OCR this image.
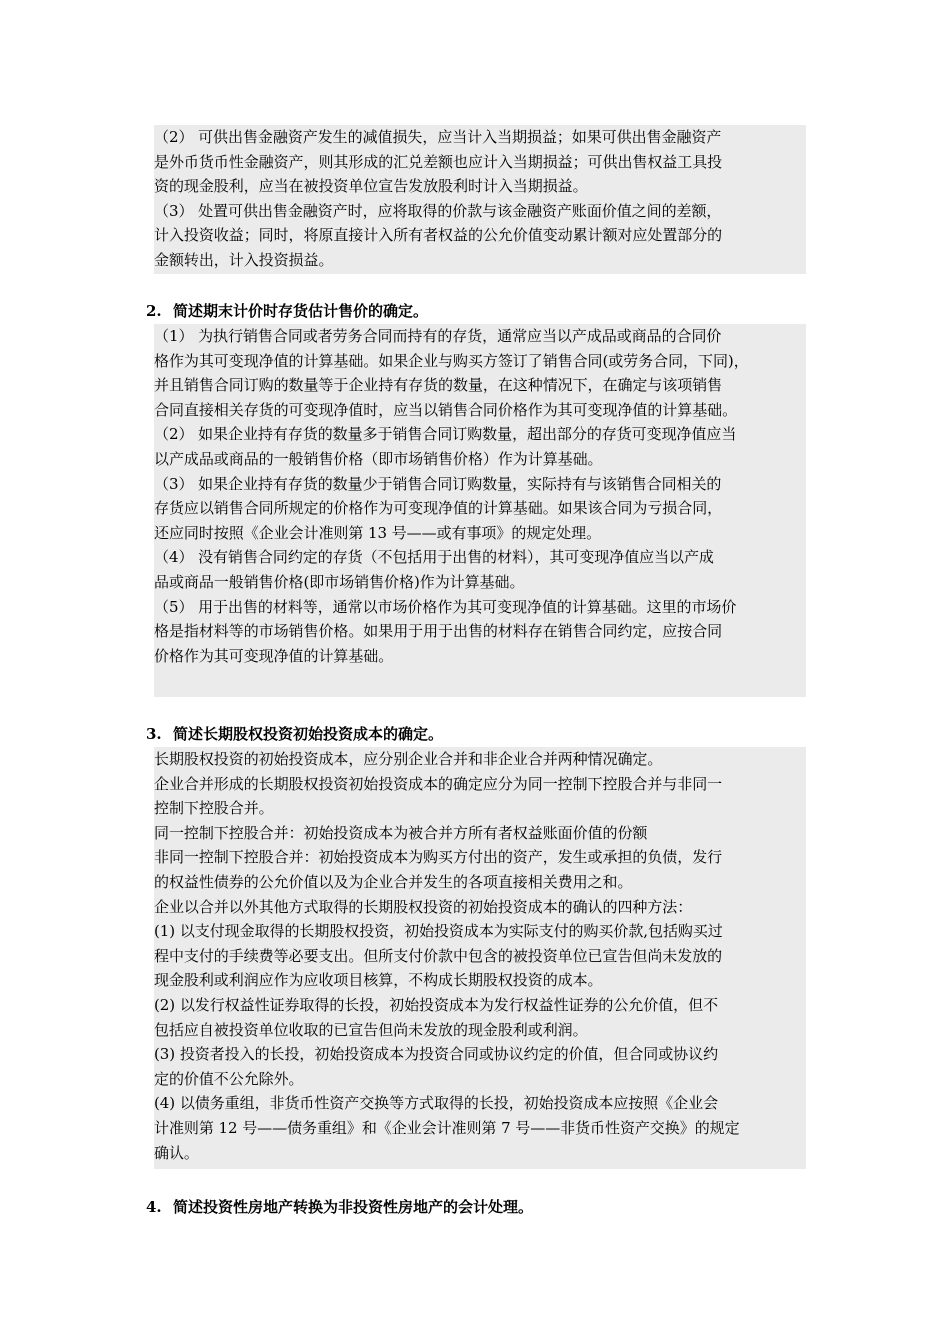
（2） 可供出售金融资产发生的减值损失，应当计入当期损益；如果可供出售金融资产
是外币货币性金融资产，则其形成的汇兑差额也应计入当期损益；可供出售权益工具投
资的现金股利，应当在被投资单位宣告发放股利时计入当期损益。
（3） 处置可供出售金融资产时，应将取得的价款与该金融资产账面价值之间的差额，
计入投资收益；同时，将原直接计入所有者权益的公允价值变动累计额对应处置部分的
金额转出，计入投资损益。
2. 简述期末计价时存货估计售价的确定。
（1） 为执行销售合同或者劳务合同而持有的存货，通常应当以产成品或商品的合同价
格作为其可变现净值的计算基础。如果企业与购买方签订了销售合同(或劳务合同，下同)，
并且销售合同订购的数量等于企业持有存货的数量，在这种情况下，在确定与该项销售
合同直接相关存货的可变现净值时，应当以销售合同价格作为其可变现净值的计算基础。
（2） 如果企业持有存货的数量多于销售合同订购数量，超出部分的存货可变现净值应当
以产成品或商品的一般销售价格（即市场销售价格）作为计算基础。
（3） 如果企业持有存货的数量少于销售合同订购数量，实际持有与该销售合同相关的
存货应以销售合同所规定的价格作为可变现净值的计算基础。如果该合同为亏损合同，
还应同时按照《企业会计准则第 13 号——或有事项》的规定处理。
（4） 没有销售合同约定的存货（不包括用于出售的材料），其可变现净值应当以产成
品或商品一般销售价格(即市场销售价格)作为计算基础。
（5） 用于出售的材料等，通常以市场价格作为其可变现净值的计算基础。这里的市场价
格是指材料等的市场销售价格。如果用于用于出售的材料存在销售合同约定，应按合同
价格作为其可变现净值的计算基础。
3. 简述长期股权投资初始投资成本的确定。
长期股权投资的初始投资成本，应分别企业合并和非企业合并两种情况确定。
企业合并形成的长期股权投资初始投资成本的确定应分为同一控制下控股合并与非同一
控制下控股合并。
同一控制下控股合并：初始投资成本为被合并方所有者权益账面价值的份额
非同一控制下控股合并：初始投资成本为购买方付出的资产，发生或承担的负债，发行
的权益性债券的公允价值以及为企业合并发生的各项直接相关费用之和。
企业以合并以外其他方式取得的长期股权投资的初始投资成本的确认的四种方法：
(1) 以支付现金取得的长期股权投资，初始投资成本为实际支付的购买价款,包括购买过
程中支付的手续费等必要支出。但所支付价款中包含的被投资单位已宣告但尚未发放的
现金股利或利润应作为应收项目核算，不构成长期股权投资的成本。
(2) 以发行权益性证券取得的长投，初始投资成本为发行权益性证券的公允价值，但不
包括应自被投资单位收取的已宣告但尚未发放的现金股利或利润。
(3) 投资者投入的长投，初始投资成本为投资合同或协议约定的价值，但合同或协议约
定的价值不公允除外。
(4) 以债务重组，非货币性资产交换等方式取得的长投，初始投资成本应按照《企业会
计准则第 12 号——债务重组》和《企业会计准则第 7 号——非货币性资产交换》的规定
确认。
4. 简述投资性房地产转换为非投资性房地产的会计处理。
